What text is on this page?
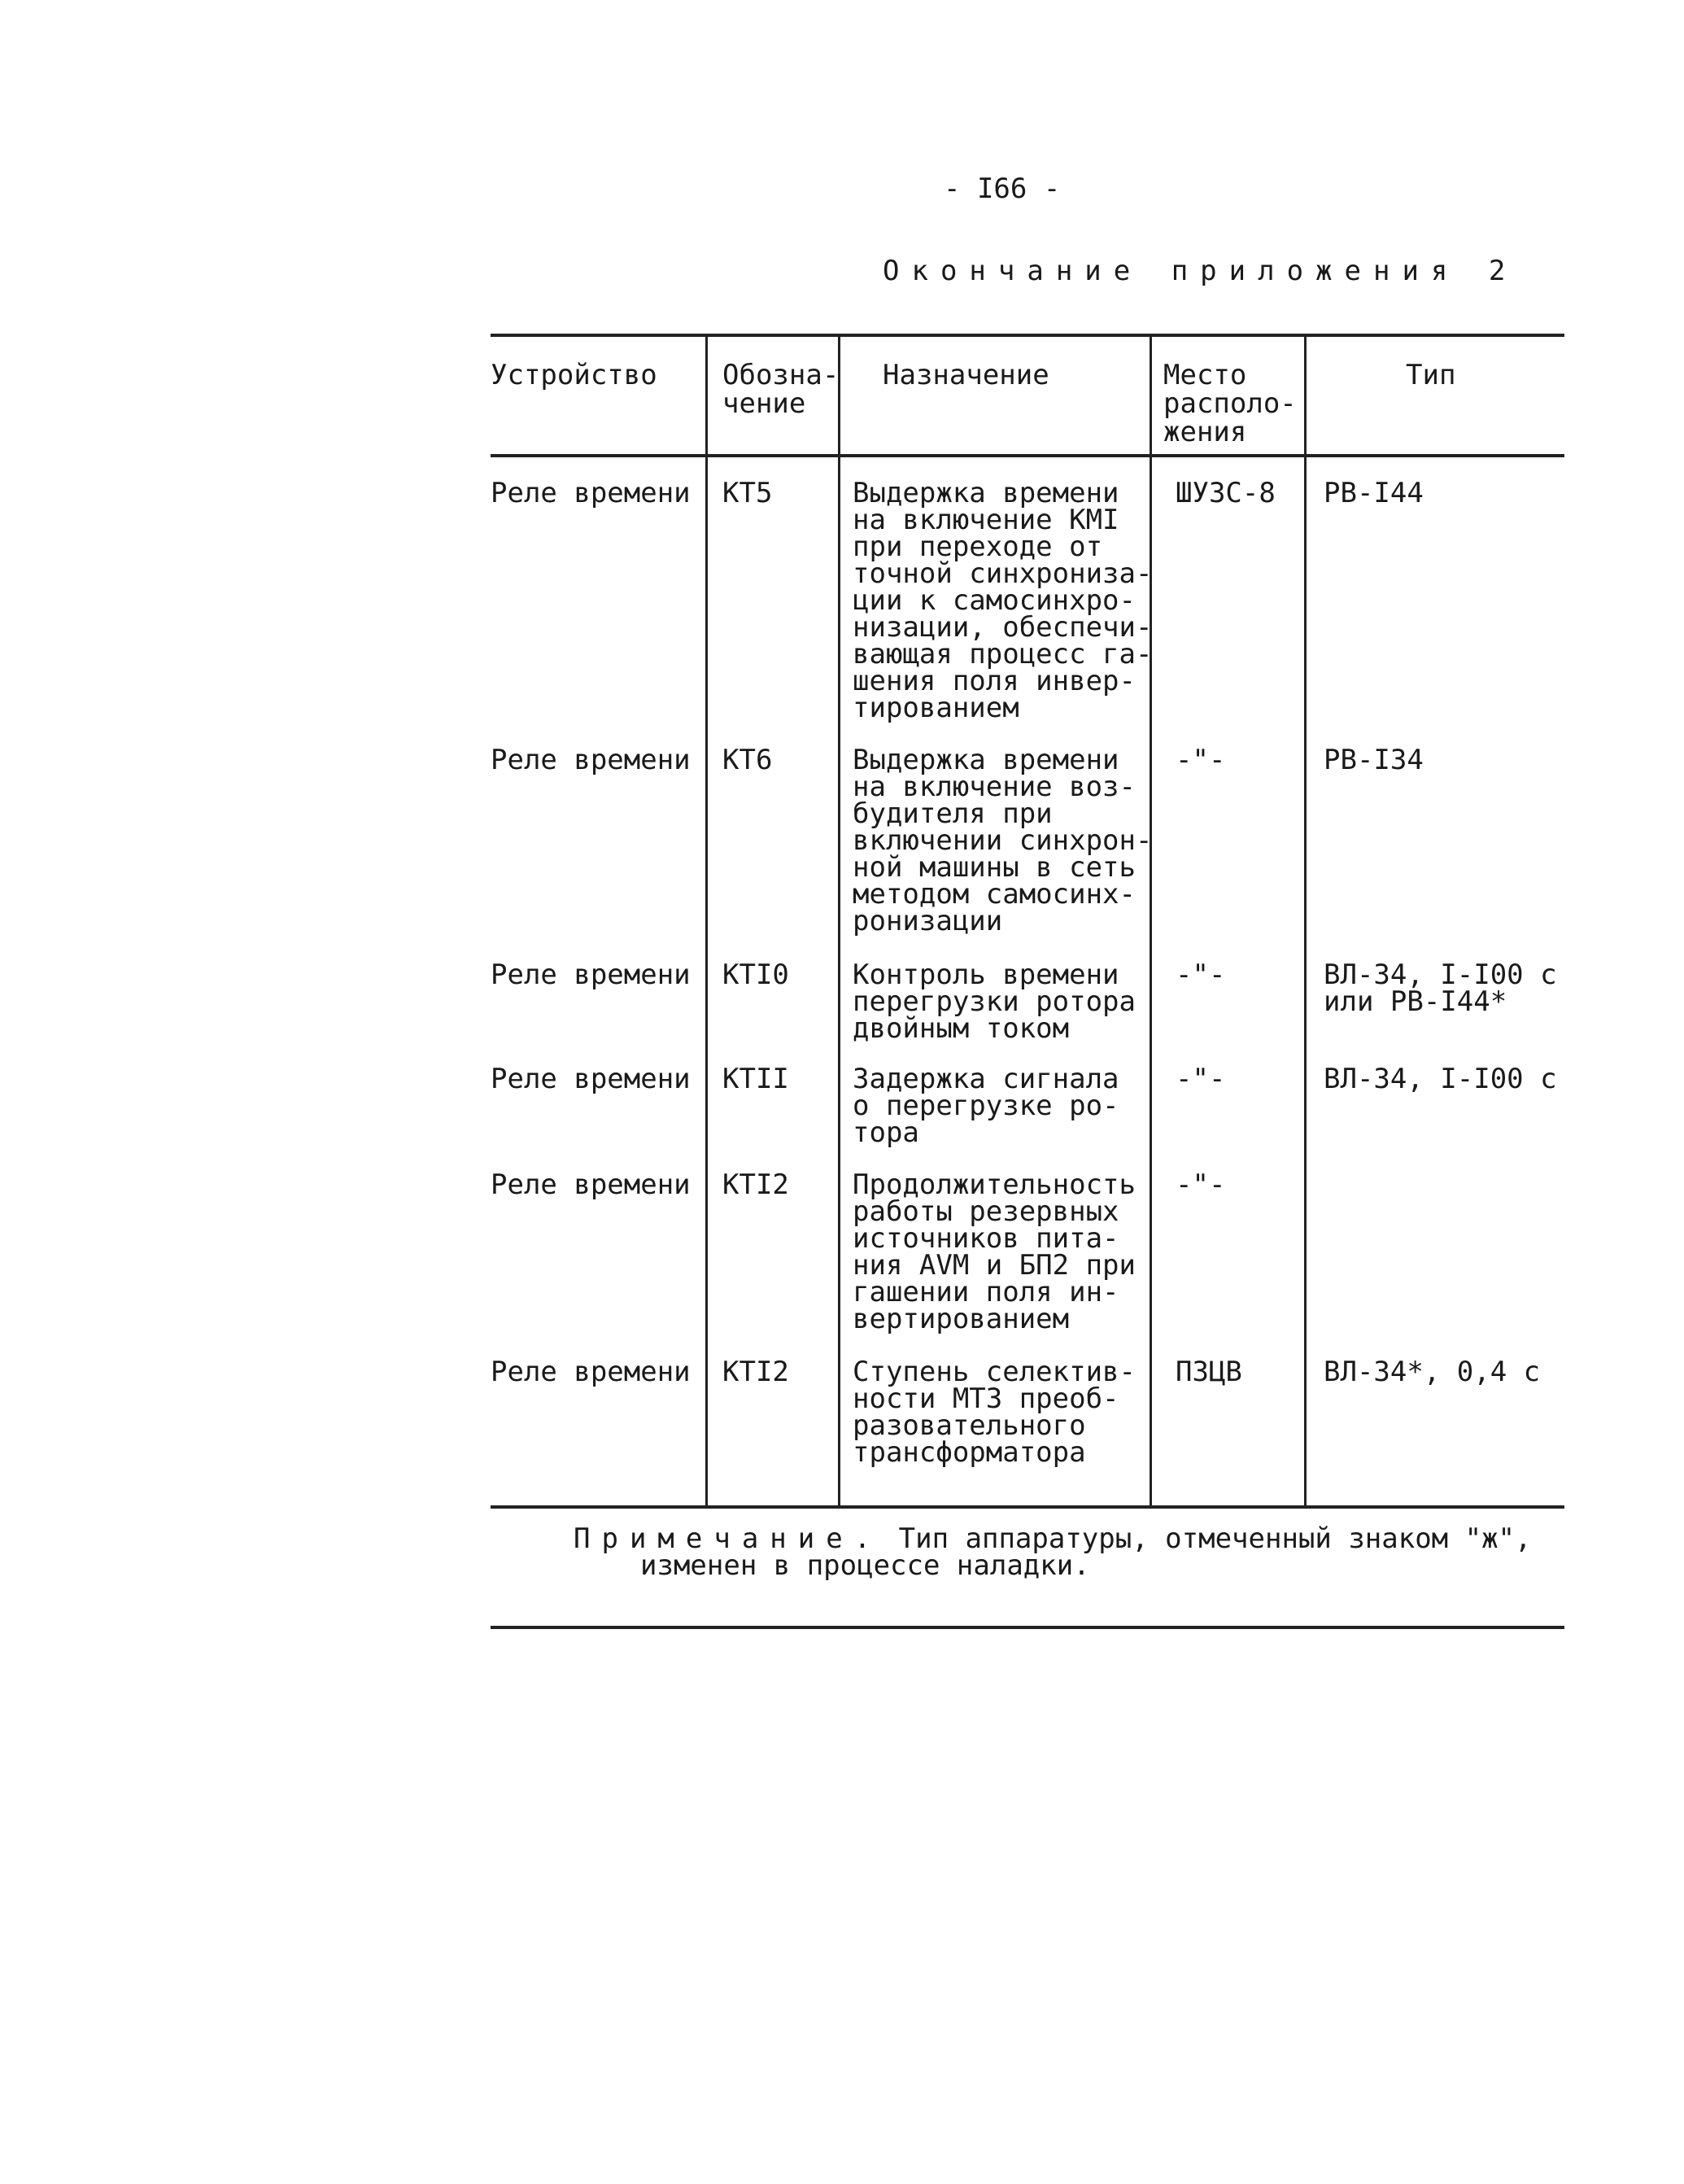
- I66 -
Окончание приложения 2
Устройство Обозна-
чение
Назначение	Место
располо-
жения
Тип
Реле времени КТ5	Выдержка времени
на включение КМI
при переходе от
точной синхрониза-
ции к самосинхро-
низации, обеспечи-
вающая процесс га-
шения поля инвер-
тированием
ШУЗС-8 РВ-I44
Реле времени КТ6	Выдержка времени
на включение воз-
будителя при
включении синхрон-
ной машины в сеть
методом самосинх-
ронизации
-"-	РВ-I34
Реле времени КТI0 Контроль времени
перегрузки ротора
двойным током
-"-	ВЛ-34, I-I00 с
или РВ-I44*
Реле времени КТII Задержка сигнала
о перегрузке ро-
тора
-"-	ВЛ-34, I-I00 с
Реле времени КТI2 Продолжительность
работы резервных
источников пита-
ния AVM и БП2 при
гашении поля ин-
вертированием
-"-
Реле времени КТI2 Ступень селектив-
ности МТЗ преоб-
разовательного
трансформатора
ПЗЦВ	ВЛ-34*, 0,4 с
Примечание. Тип аппаратуры, отмеченный знаком "ж",
изменен в процессе наладки.
